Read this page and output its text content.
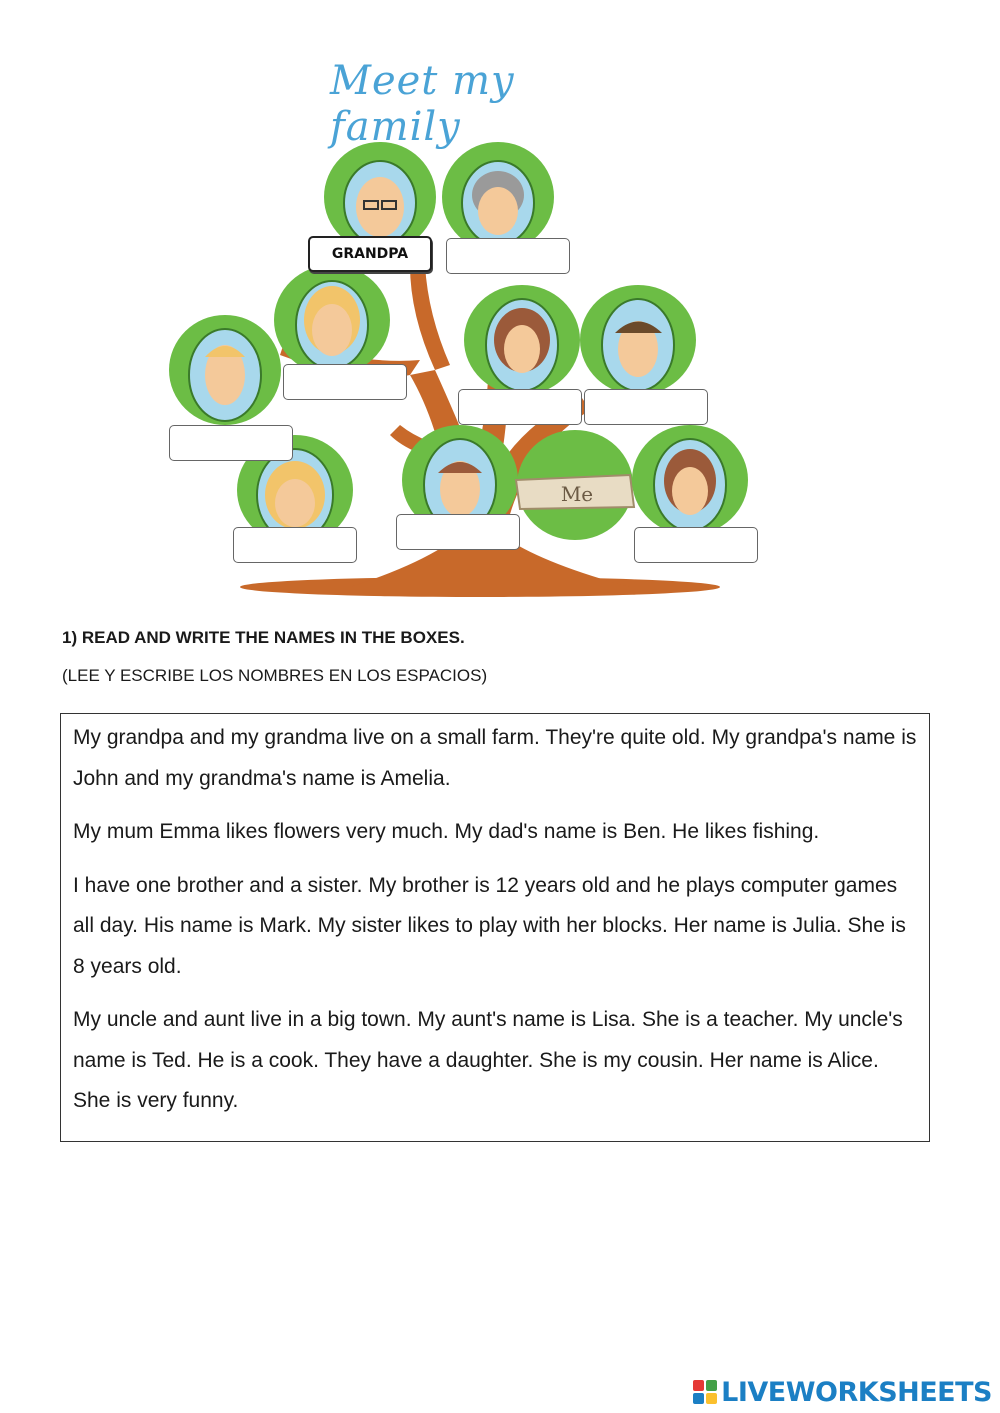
Meet my family
GRANDPA
Me
1) READ AND WRITE THE NAMES IN THE BOXES.
(LEE Y ESCRIBE LOS NOMBRES EN LOS ESPACIOS)

My grandpa and my grandma live on a small farm. They're quite old. My grandpa's name is John and my grandma's name is Amelia.

My mum Emma likes flowers very much. My dad's name is Ben. He likes fishing.

I have one brother and a sister. My brother is 12 years old and he plays computer games all day. His name is Mark. My sister likes to play with her blocks. Her name is Julia. She is 8 years old.

My uncle and aunt live in a big town. My aunt's name is Lisa. She is a teacher. My uncle's name is Ted. He is a cook. They have a daughter. She is my cousin. Her name is Alice. She is very funny.

LIVEWORKSHEETS
